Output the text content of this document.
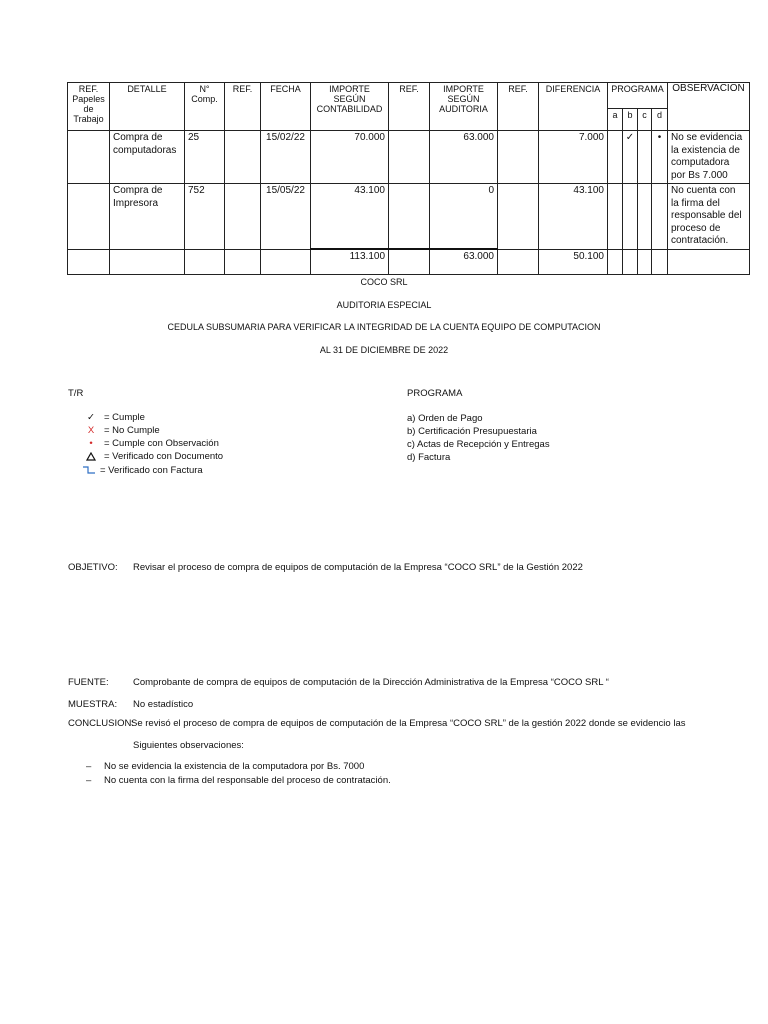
REF. Papeles de Trabajo	DETALLE	N° Comp.	REF.	FECHA	IMPORTE SEGÚN CONTABILIDAD	REF.	IMPORTE SEGÚN AUDITORIA	REF.	DIFERENCIA	PROGRAMA				OBSERVACION
										a	b	c	d	
	Compra de computadoras	25		15/02/22	70.000		63.000		7.000		✓		•	No se evidencia la existencia de computadora por Bs 7.000
	Compra de Impresora	752		15/05/22	43.100		0		43.100					No cuenta con la firma del responsable del proceso de contratación.
					113.100		63.000		50.100					
COCO SRL
AUDITORIA ESPECIAL
CEDULA SUBSUMARIA PARA VERIFICAR LA INTEGRIDAD DE LA CUENTA EQUIPO DE COMPUTACION
AL 31 DE DICIEMBRE DE 2022
T/R
✓ = Cumple
X = No Cumple
• = Cumple con Observación
= Verificado con Documento
= Verificado con Factura
PROGRAMA
a) Orden de Pago
b) Certificación Presupuestaria
c) Actas de Recepción y Entregas
d) Factura
OBJETIVO: Revisar el proceso de compra de equipos de computación de la Empresa “COCO SRL” de la Gestión 2022
FUENTE:	Comprobante de compra de equipos de computación de la Dirección Administrativa de la Empresa “COCO SRL “
MUESTRA: No estadístico
CONCLUSION:
Se revisó el proceso de compra de equipos de computación de la Empresa “COCO SRL” de la gestión 2022 donde se evidencio las
Siguientes observaciones:
– No se evidencia la existencia de la computadora por Bs. 7000
– No cuenta con la firma del responsable del proceso de contratación.
